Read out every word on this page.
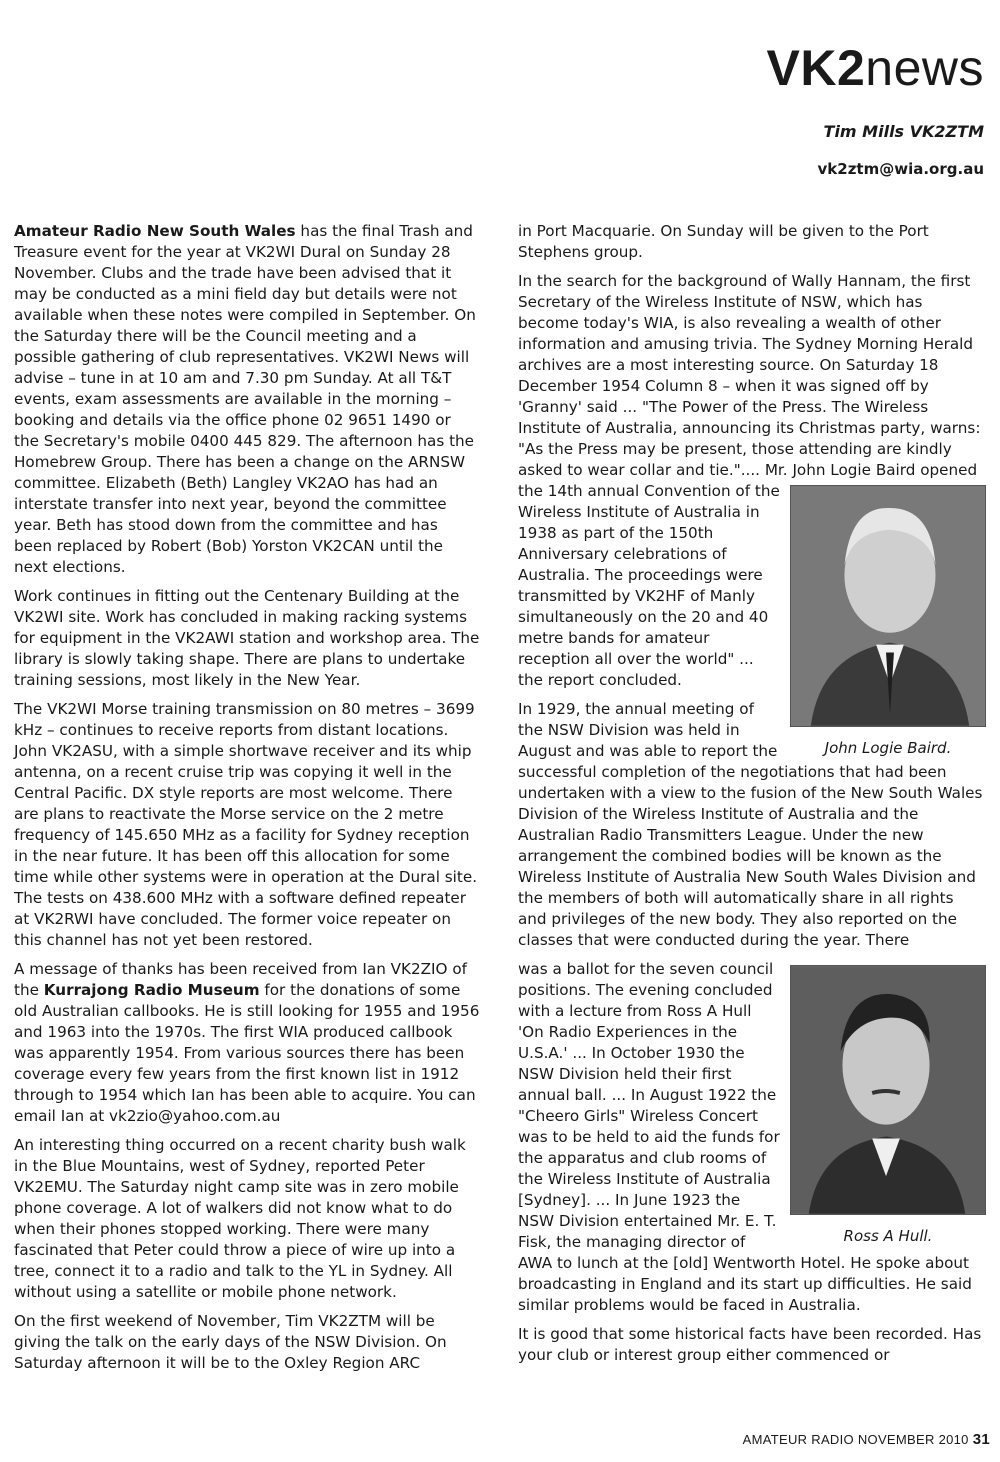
VK2news
Tim Mills VK2ZTM
vk2ztm@wia.org.au

Amateur Radio New South Wales has the final Trash and Treasure event for the year at VK2WI Dural on Sunday 28 November. Clubs and the trade have been advised that it may be conducted as a mini field day but details were not available when these notes were compiled in September. On the Saturday there will be the Council meeting and a possible gathering of club representatives. VK2WI News will advise – tune in at 10 am and 7.30 pm Sunday. At all T&T events, exam assessments are available in the morning – booking and details via the office phone 02 9651 1490 or the Secretary's mobile 0400 445 829. The afternoon has the Homebrew Group. There has been a change on the ARNSW committee. Elizabeth (Beth) Langley VK2AO has had an interstate transfer into next year, beyond the committee year. Beth has stood down from the committee and has been replaced by Robert (Bob) Yorston VK2CAN until the next elections.

Work continues in fitting out the Centenary Building at the VK2WI site. Work has concluded in making racking systems for equipment in the VK2AWI station and workshop area. The library is slowly taking shape. There are plans to undertake training sessions, most likely in the New Year.

The VK2WI Morse training transmission on 80 metres – 3699 kHz – continues to receive reports from distant locations. John VK2ASU, with a simple shortwave receiver and its whip antenna, on a recent cruise trip was copying it well in the Central Pacific. DX style reports are most welcome. There are plans to reactivate the Morse service on the 2 metre frequency of 145.650 MHz as a facility for Sydney reception in the near future. It has been off this allocation for some time while other systems were in operation at the Dural site. The tests on 438.600 MHz with a software defined repeater at VK2RWI have concluded. The former voice repeater on this channel has not yet been restored.

A message of thanks has been received from Ian VK2ZIO of the Kurrajong Radio Museum for the donations of some old Australian callbooks. He is still looking for 1955 and 1956 and 1963 into the 1970s. The first WIA produced callbook was apparently 1954. From various sources there has been coverage every few years from the first known list in 1912 through to 1954 which Ian has been able to acquire. You can email Ian at vk2zio@yahoo.com.au

An interesting thing occurred on a recent charity bush walk in the Blue Mountains, west of Sydney, reported Peter VK2EMU. The Saturday night camp site was in zero mobile phone coverage. A lot of walkers did not know what to do when their phones stopped working. There were many fascinated that Peter could throw a piece of wire up into a tree, connect it to a radio and talk to the YL in Sydney. All without using a satellite or mobile phone network.

On the first weekend of November, Tim VK2ZTM will be giving the talk on the early days of the NSW Division. On Saturday afternoon it will be to the Oxley Region ARC

in Port Macquarie. On Sunday will be given to the Port Stephens group.

In the search for the background of Wally Hannam, the first Secretary of the Wireless Institute of NSW, which has become today's WIA, is also revealing a wealth of other information and amusing trivia. The Sydney Morning Herald archives are a most interesting source. On Saturday 18 December 1954 Column 8 – when it was signed off by 'Granny' said ... "The Power of the Press. The Wireless Institute of Australia, announcing its Christmas party, warns: "As the Press may be present, those attending are kindly asked to wear collar and tie.".... Mr. John
John Logie Baird.
Logie Baird opened the 14th annual Convention of the Wireless Institute of Australia in 1938 as part of the 150th Anniversary celebrations of Australia. The proceedings were transmitted by VK2HF of Manly simultaneously on the 20 and 40 metre bands for amateur reception all over the world" ... the report concluded.

In 1929, the annual meeting of the NSW Division was held in August and was able to report the successful completion of the negotiations that had been undertaken with a view to the fusion of the New South Wales Division of the Wireless Institute of Australia and the Australian Radio Transmitters League. Under the new arrangement the combined bodies will be known as the Wireless Institute of Australia New South Wales Division and the members of both will automatically share in all rights and privileges of the new body. They also reported on the classes that were conducted during the year. There

Ross A Hull.
was a ballot for the seven council positions. The evening concluded with a lecture from Ross A Hull 'On Radio Experiences in the U.S.A.' ... In October 1930 the NSW Division held their first annual ball. ... In August 1922 the "Cheero Girls" Wireless Concert was to be held to aid the funds for the apparatus and club rooms of the Wireless Institute of Australia [Sydney]. ... In June 1923 the NSW Division entertained Mr. E. T. Fisk, the managing director of AWA to lunch at the [old] Wentworth Hotel. He spoke about broadcasting in England and its start up difficulties. He said similar problems would be faced in Australia.

It is good that some historical facts have been recorded. Has your club or interest group either commenced or

AMATEUR RADIO NOVEMBER 2010 31
